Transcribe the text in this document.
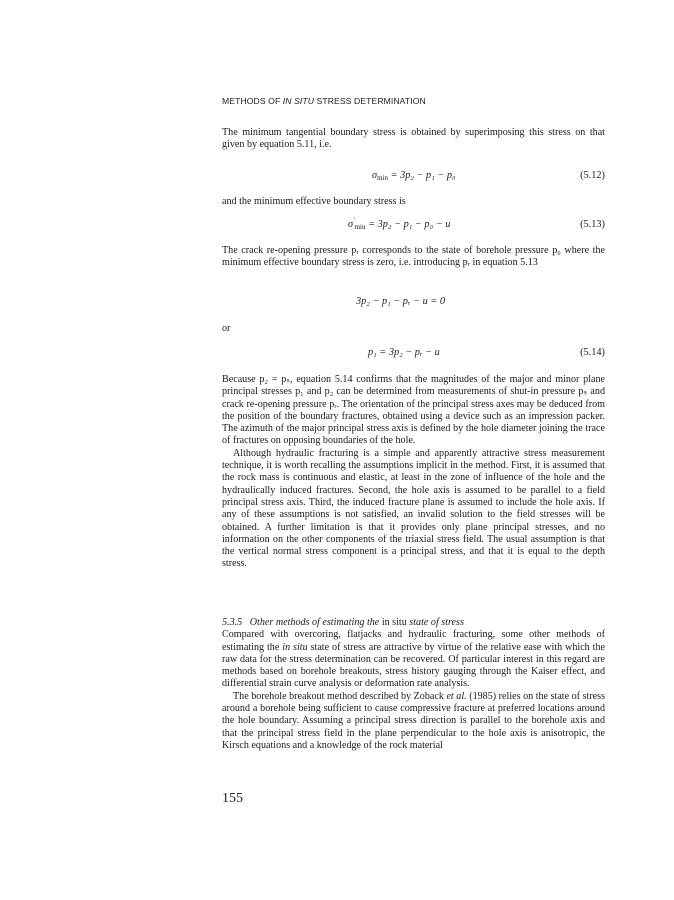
METHODS OF IN SITU STRESS DETERMINATION

The minimum tangential boundary stress is obtained by superimposing this stress on that given by equation 5.11, i.e.

$\sigma_{min} = 3p_2 - p_1 - p_0$	(5.12)
and the minimum effective boundary stress is
$\sigma'_{min} = 3p_2 - p_1 - p_0 - u$	(5.13)

The crack re-opening pressure pᵣ corresponds to the state of borehole pressure p₀ where the minimum effective boundary stress is zero, i.e. introducing pᵣ in equation 5.13

3p₂ − p₁ − pᵣ − u = 0
or
p₁ = 3p₂ − pᵣ − u	(5.14)

Because p₂ = pₛ, equation 5.14 confirms that the magnitudes of the major and minor plane principal stresses p₁ and p₂ can be determined from measurements of shut-in pressure pₛ and crack re-opening pressure pᵣ. The orientation of the principal stress axes may be deduced from the position of the boundary fractures, obtained using a device such as an impression packer. The azimuth of the major principal stress axis is defined by the hole diameter joining the trace of fractures on opposing boundaries of the hole.

Although hydraulic fracturing is a simple and apparently attractive stress measurement technique, it is worth recalling the assumptions implicit in the method. First, it is assumed that the rock mass is continuous and elastic, at least in the zone of influence of the hole and the hydraulically induced fractures. Second, the hole axis is assumed to be parallel to a field principal stress axis. Third, the induced fracture plane is assumed to include the hole axis. If any of these assumptions is not satisfied, an invalid solution to the field stresses will be obtained. A further limitation is that it provides only plane principal stresses, and no information on the other components of the triaxial stress field. The usual assumption is that the vertical normal stress component is a principal stress, and that it is equal to the depth stress.

5.3.5 Other methods of estimating the in situ state of stress

Compared with overcoring, flatjacks and hydraulic fracturing, some other methods of estimating the in situ state of stress are attractive by virtue of the relative ease with which the raw data for the stress determination can be recovered. Of particular interest in this regard are methods based on borehole breakouts, stress history gauging through the Kaiser effect, and differential strain curve analysis or deformation rate analysis.

The borehole breakout method described by Zoback et al. (1985) relies on the state of stress around a borehole being sufficient to cause compressive fracture at preferred locations around the hole boundary. Assuming a principal stress direction is parallel to the borehole axis and that the principal stress field in the plane perpendicular to the hole axis is anisotropic, the Kirsch equations and a knowledge of the rock material

155
